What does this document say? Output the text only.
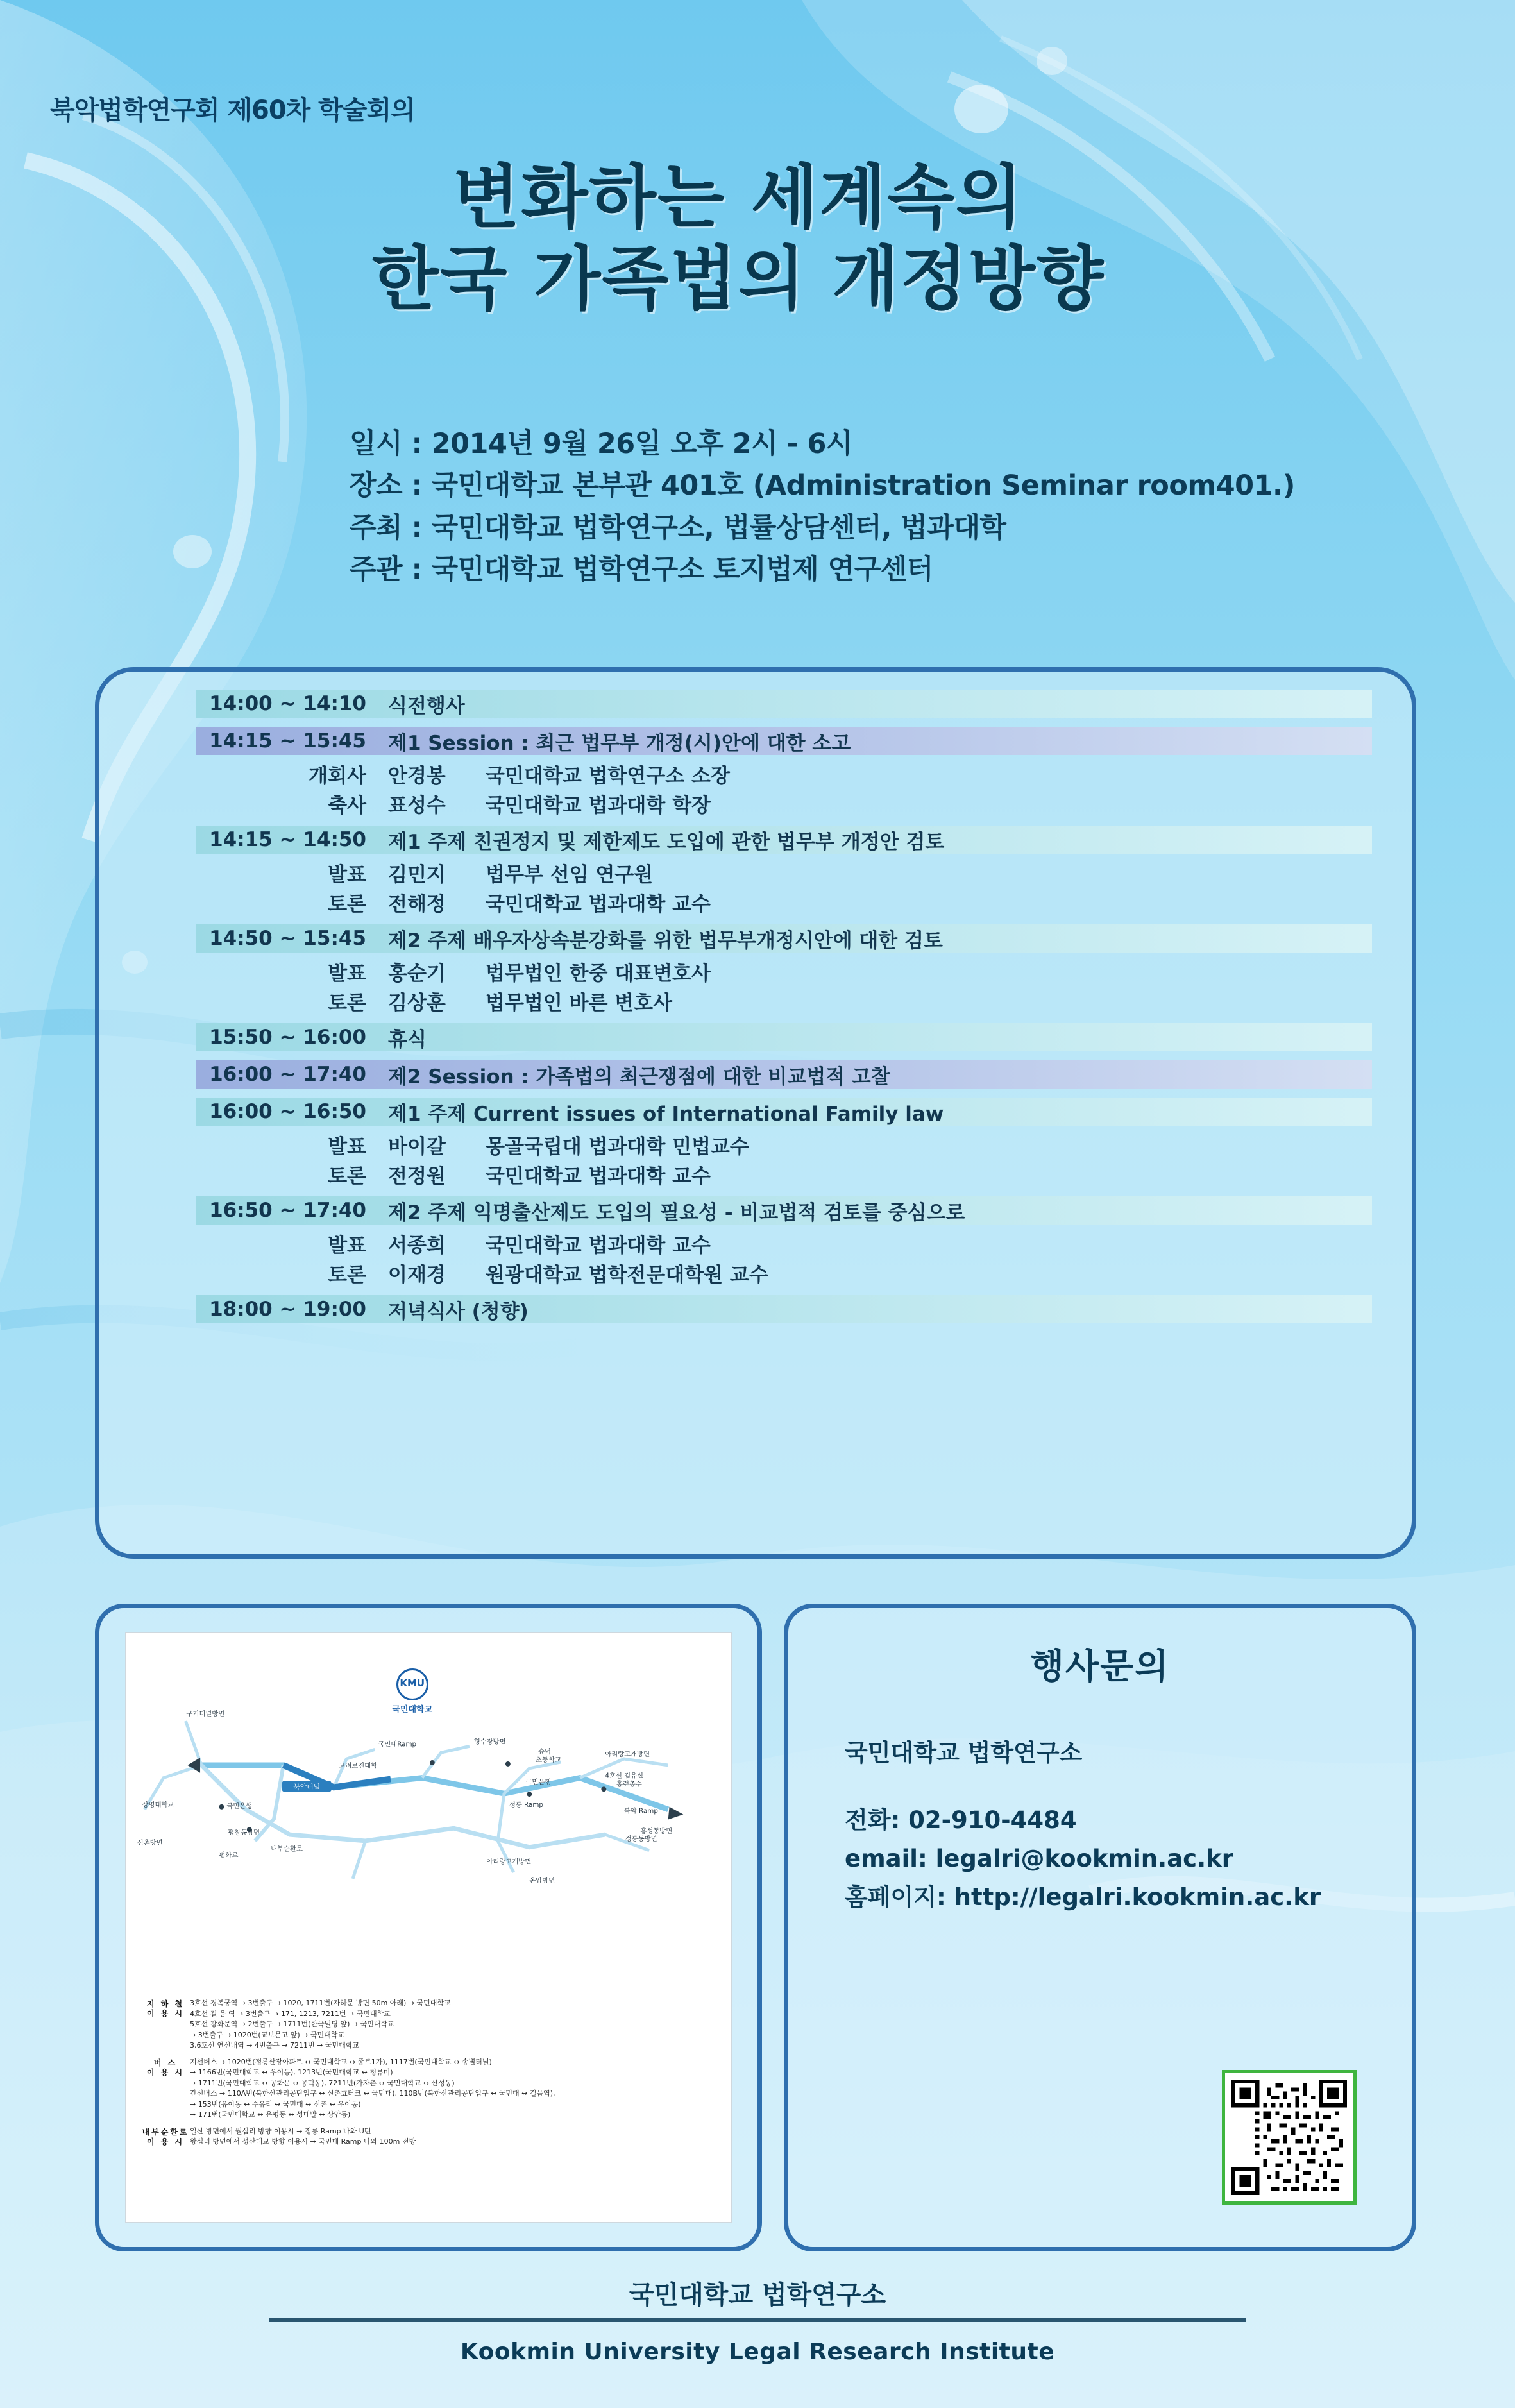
북악법학연구회 제60차 학술회의
변화하는 세계속의
한국 가족법의 개정방향
일시 : 2014년 9월 26일 오후 2시 - 6시
장소 : 국민대학교 본부관 401호 (Administration Seminar room401.)
주최 : 국민대학교 법학연구소, 법률상담센터, 법과대학
주관 : 국민대학교 법학연구소 토지법제 연구센터
14:00 ~ 14:10	식전행사
14:15 ~ 15:45	제1 Session : 최근 법무부 개정(시)안에 대한 소고
개회사	안경봉	국민대학교 법학연구소 소장
축사	표성수	국민대학교 법과대학 학장
14:15 ~ 14:50	제1 주제 친권정지 및 제한제도 도입에 관한 법무부 개정안 검토
발표	김민지	법무부 선임 연구원
토론	전해정	국민대학교 법과대학 교수
14:50 ~ 15:45	제2 주제 배우자상속분강화를 위한 법무부개정시안에 대한 검토
발표	홍순기	법무법인 한중 대표변호사
토론	김상훈	법무법인 바른 변호사
15:50 ~ 16:00	휴식
16:00 ~ 17:40	제2 Session : 가족법의 최근쟁점에 대한 비교법적 고찰
16:00 ~ 16:50	제1 주제 Current issues of International Family law
발표	바이갈	몽골국립대 법과대학 민법교수
토론	전정원	국민대학교 법과대학 교수
16:50 ~ 17:40	제2 주제 익명출산제도 도입의 필요성 - 비교법적 검토를 중심으로
발표	서종희	국민대학교 법과대학 교수
토론	이재경	원광대학교 법학전문대학원 교수
18:00 ~ 19:00	저녁식사 (청향)
북악터널
구기터널방면
국민은행
상명대학교
신촌방면
평창동방면
평화로
국민대Ramp
고려로진대학
형수장방면
승덕 초등학교
아리랑고개방면
정릉 Ramp
국민은행
내부순환로
아리랑고개방면
온암방면
북악 Ramp
4호선 김유신 홍련총수
정릉동방면
홍성동방면
KMU
국민대학교
지 하 철
이 용 시
3호선 경복궁역 → 3번출구 → 1020, 1711번(자하문 방면 50m 아래) → 국민대학교
4호선 길 음 역 → 3번출구 → 171, 1213, 7211번 → 국민대학교
5호선 광화문역 → 2번출구 → 1711번(한국빌딩 앞) → 국민대학교
→ 3번출구 → 1020번(교보문고 앞) → 국민대학교
3,6호선 연신내역 → 4번출구 → 7211번 → 국민대학교
버 스
이 용 시
지선버스 → 1020번(정릉산장아파트 ↔ 국민대학교 ↔ 종로1가), 1117번(국민대학교 ↔ 송별터널)
→ 1166번(국민대학교 ↔ 우이동), 1213번(국민대학교 ↔ 청류미)
→ 1711번(국민대학교 ↔ 공화문 ↔ 공덕동), 7211번(가자촌 ↔ 국민대학교 ↔ 산성동)
간선버스 → 110A번(북한산관리공단입구 ↔ 신촌효터크 ↔ 국민대), 110B번(북한산관리공단입구 ↔ 국민대 ↔ 길음역),
→ 153번(유이동 ↔ 수유리 ↔ 국민대 ↔ 신촌 ↔ 우이동)
→ 171번(국민대학교 ↔ 은평동 ↔ 성대말 ↔ 상암동)
내부순환로
이 용 시
일산 방면에서 월십리 방향 이용시 → 정릉 Ramp 나와 U턴
왕십리 방면에서 성산대교 방향 이용시 → 국민대 Ramp 나와 100m 전방
행사문의
국민대학교 법학연구소
전화: 02-910-4484
email: legalri@kookmin.ac.kr
홈페이지: http://legalri.kookmin.ac.kr
국민대학교 법학연구소
Kookmin University Legal Research Institute
